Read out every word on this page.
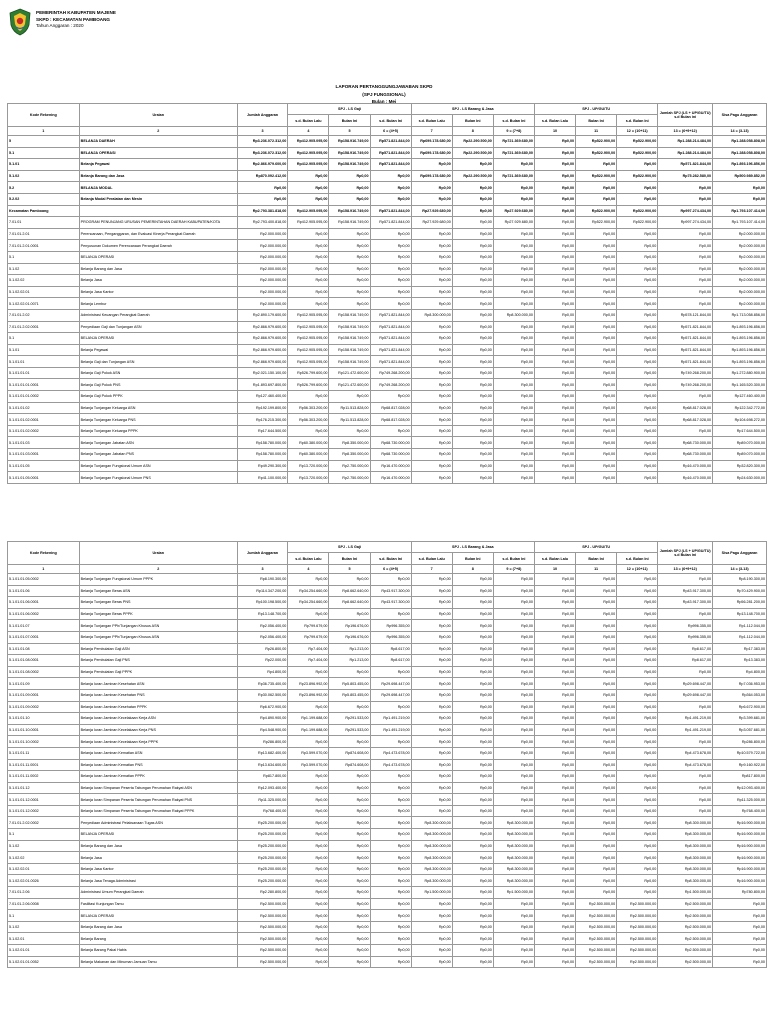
PEMERINTAH KABUPATEN MAJENE
SKPD : KECAMATAN PAMBOANG
Tahun Anggaran : 2020
LAPORAN PERTANGGUNGJAWABAN SKPD
(SPJ FUNGSIONAL)
Bulan : Mei
Kode Rekening	Uraian	Jumlah Anggaran	SPJ - LS Gaji			SPJ - LS Barang & Jasa			SPJ - UP/GU/TU			Jumlah SPJ (LS + UP/GU/TU) s.d Bulan ini	Sisa Pagu Anggaran
			s.d. Bulan Lalu	Bulan Ini	s.d. Bulan Ini	s.d. Bulan Lalu	Bulan Ini	s.d. Bulan Ini	s.d. Bulan Lalu	Bulan Ini	s.d. Bulan Ini		
1	2	3	4	5	6 = (4+5)	7	8	9 = (7+8)	10	11	12 = (10+11)	13 = (6+9+12)	14 = (3-13)
5	BELANJA DAERAH	Rp3.236.072.312,00	Rp412.905.095,00	Rp158.916.749,00	Rp571.821.844,00	Rp699.178.680,00	Rp22.290.500,00	Rp721.369.680,00	Rp0,00	Rp522.900,00	Rp522.900,00	Rp1.288.214.484,00	Rp1.288.058.808,00
5.1	BELANJA OPERASI	Rp3.236.072.312,00	Rp412.905.095,00	Rp158.916.749,00	Rp571.821.844,00	Rp699.178.680,00	Rp22.290.500,00	Rp721.369.680,00	Rp0,00	Rp522.900,00	Rp522.900,00	Rp1.288.214.484,00	Rp1.288.058.808,00
5.1.01	Belanja Pegawai	Rp2.866.979.600,00	Rp412.905.095,00	Rp158.916.749,00	Rp571.821.844,00	Rp0,00	Rp0,00	Rp0,00	Rp0,00	Rp0,00	Rp0,00	Rp571.821.844,00	Rp1.893.196.856,00
5.1.02	Belanja Barang dan Jasa	Rp870.092.412,00	Rp0,00	Rp0,00	Rp0,00	Rp699.178.680,00	Rp22.290.500,00	Rp721.369.680,00	Rp0,00	Rp522.900,00	Rp522.900,00	Rp75.282.580,00	Rp500.989.852,00
5.2	BELANJA MODAL	Rp0,00	Rp0,00	Rp0,00	Rp0,00	Rp0,00	Rp0,00	Rp0,00	Rp0,00	Rp0,00	Rp0,00	Rp0,00	Rp0,00
5.2.02	Belanja Modal Peralatan dan Mesin	Rp0,00	Rp0,00	Rp0,00	Rp0,00	Rp0,00	Rp0,00	Rp0,00	Rp0,00	Rp0,00	Rp0,00	Rp0,00	Rp0,00
Kecamatan Pamboang		Rp2.793.381.818,00	Rp412.905.095,00	Rp158.916.749,00	Rp571.821.844,00	Rp27.929.680,00	Rp0,00	Rp27.929.680,00	Rp0,00	Rp522.900,00	Rp522.900,00	Rp997.274.434,00	Rp1.793.107.414,00
7.01.01	PROGRAM PENUNJANG URUSAN PEMERINTAHAN DAERAH KABUPATEN/KOTA	Rp2.793.400.818,00	Rp412.905.095,00	Rp158.916.749,00	Rp571.821.844,00	Rp27.929.680,00	Rp0,00	Rp27.929.680,00	Rp0,00	Rp522.900,00	Rp522.900,00	Rp997.274.434,00	Rp1.793.107.414,00
7.01.01.2.01	Perencanaan, Penganggaran, dan Evaluasi Kinerja Perangkat Daerah	Rp2.000.000,00	Rp0,00	Rp0,00	Rp0,00	Rp0,00	Rp0,00	Rp0,00	Rp0,00	Rp0,00	Rp0,00	Rp0,00	Rp2.000.000,00
7.01.01.2.01.0001	Penyusunan Dokumen Perencanaan Perangkat Daerah	Rp2.000.000,00	Rp0,00	Rp0,00	Rp0,00	Rp0,00	Rp0,00	Rp0,00	Rp0,00	Rp0,00	Rp0,00	Rp0,00	Rp2.000.000,00
5.1	BELANJA OPERASI	Rp2.000.000,00	Rp0,00	Rp0,00	Rp0,00	Rp0,00	Rp0,00	Rp0,00	Rp0,00	Rp0,00	Rp0,00	Rp0,00	Rp2.000.000,00
5.1.02	Belanja Barang dan Jasa	Rp2.000.000,00	Rp0,00	Rp0,00	Rp0,00	Rp0,00	Rp0,00	Rp0,00	Rp0,00	Rp0,00	Rp0,00	Rp0,00	Rp2.000.000,00
5.1.02.02	Belanja Jasa	Rp2.000.000,00	Rp0,00	Rp0,00	Rp0,00	Rp0,00	Rp0,00	Rp0,00	Rp0,00	Rp0,00	Rp0,00	Rp0,00	Rp2.000.000,00
5.1.02.02.01	Belanja Jasa Kantor	Rp2.000.000,00	Rp0,00	Rp0,00	Rp0,00	Rp0,00	Rp0,00	Rp0,00	Rp0,00	Rp0,00	Rp0,00	Rp0,00	Rp2.000.000,00
5.1.02.02.01.0071	Belanja Lembur	Rp2.000.000,00	Rp0,00	Rp0,00	Rp0,00	Rp0,00	Rp0,00	Rp0,00	Rp0,00	Rp0,00	Rp0,00	Rp0,00	Rp2.000.000,00
7.01.01.2.02	Administrasi Keuangan Perangkat Daerah	Rp2.890.179.600,00	Rp412.905.095,00	Rp158.916.749,00	Rp571.821.844,00	Rp8.300.000,00	Rp0,00	Rp8.300.000,00	Rp0,00	Rp0,00	Rp0,00	Rp578.121.844,00	Rp1.713.058.856,00
7.01.01.2.02.0001	Penyediaan Gaji dan Tunjangan ASN	Rp2.866.979.600,00	Rp412.905.095,00	Rp158.916.749,00	Rp571.821.844,00	Rp0,00	Rp0,00	Rp0,00	Rp0,00	Rp0,00	Rp0,00	Rp571.821.844,00	Rp1.893.196.856,00
5.1	BELANJA OPERASI	Rp2.866.979.600,00	Rp412.905.095,00	Rp158.916.749,00	Rp571.821.844,00	Rp0,00	Rp0,00	Rp0,00	Rp0,00	Rp0,00	Rp0,00	Rp571.821.844,00	Rp1.893.196.856,00
5.1.01	Belanja Pegawai	Rp2.866.979.600,00	Rp412.905.095,00	Rp158.916.749,00	Rp571.821.844,00	Rp0,00	Rp0,00	Rp0,00	Rp0,00	Rp0,00	Rp0,00	Rp571.821.844,00	Rp1.893.196.856,00
5.1.01.01	Belanja Gaji dan Tunjangan ASN	Rp2.866.979.600,00	Rp412.905.095,00	Rp158.916.749,00	Rp571.821.844,00	Rp0,00	Rp0,00	Rp0,00	Rp0,00	Rp0,00	Rp0,00	Rp571.821.844,00	Rp1.893.196.856,00
5.1.01.01.01	Belanja Gaji Pokok ASN	Rp2.021.150.100,00	Rp526.799.600,00	Rp121.472.600,00	Rp749.268.200,00	Rp0,00	Rp0,00	Rp0,00	Rp0,00	Rp0,00	Rp0,00	Rp749.268.200,00	Rp1.272.880.900,00
5.1.01.01.01.0001	Belanja Gaji Pokok PNS	Rp1.893.697.800,00	Rp526.799.600,00	Rp121.472.600,00	Rp749.268.200,00	Rp0,00	Rp0,00	Rp0,00	Rp0,00	Rp0,00	Rp0,00	Rp749.268.200,00	Rp1.165.520.300,00
5.1.01.01.01.0002	Belanja Gaji Pokok PPPK	Rp127.460.400,00	Rp0,00	Rp0,00	Rp0,00	Rp0,00	Rp0,00	Rp0,00	Rp0,00	Rp0,00	Rp0,00	Rp0,00	Rp127.460.400,00
5.1.01.01.02	Belanja Tunjangan Keluarga ASN	Rp192.199.800,00	Rp56.303.200,00	Rp11.513.828,00	Rp68.817.028,00	Rp0,00	Rp0,00	Rp0,00	Rp0,00	Rp0,00	Rp0,00	Rp68.817.028,00	Rp122.342.772,00
5.1.01.01.02.0001	Belanja Tunjangan Keluarga PNS	Rp176.215.300,00	Rp56.303.200,00	Rp11.513.828,00	Rp68.817.028,00	Rp0,00	Rp0,00	Rp0,00	Rp0,00	Rp0,00	Rp0,00	Rp68.817.028,00	Rp104.698.272,00
5.1.01.01.02.0002	Belanja Tunjangan Keluarga PPPK	Rp17.644.500,00	Rp0,00	Rp0,00	Rp0,00	Rp0,00	Rp0,00	Rp0,00	Rp0,00	Rp0,00	Rp0,00	Rp0,00	Rp17.644.500,00
5.1.01.01.03	Belanja Tunjangan Jabatan ASN	Rp158.780.000,00	Rp60.380.000,00	Rp8.350.000,00	Rp68.730.000,00	Rp0,00	Rp0,00	Rp0,00	Rp0,00	Rp0,00	Rp0,00	Rp68.730.000,00	Rp89.070.000,00
5.1.01.01.03.0001	Belanja Tunjangan Jabatan PNS	Rp158.780.000,00	Rp60.380.000,00	Rp8.350.000,00	Rp68.730.000,00	Rp0,00	Rp0,00	Rp0,00	Rp0,00	Rp0,00	Rp0,00	Rp68.730.000,00	Rp89.070.000,00
5.1.01.01.05	Belanja Tunjangan Fungsional Umum ASN	Rp49.290.300,00	Rp13.720.000,00	Rp2.750.000,00	Rp16.470.000,00	Rp0,00	Rp0,00	Rp0,00	Rp0,00	Rp0,00	Rp0,00	Rp16.470.000,00	Rp32.820.300,00
5.1.01.01.05.0001	Belanja Tunjangan Fungsional Umum PNS	Rp41.100.000,00	Rp13.720.000,00	Rp2.750.000,00	Rp16.470.000,00	Rp0,00	Rp0,00	Rp0,00	Rp0,00	Rp0,00	Rp0,00	Rp16.470.000,00	Rp24.630.000,00
Kode Rekening	Uraian	Jumlah Anggaran	SPJ - LS Gaji			SPJ - LS Barang & Jasa			SPJ - UP/GU/TU			Jumlah SPJ (LS + UP/GU/TU) s.d Bulan ini	Sisa Pagu Anggaran
			s.d. Bulan Lalu	Bulan Ini	s.d. Bulan Ini	s.d. Bulan Lalu	Bulan Ini	s.d. Bulan Ini	s.d. Bulan Lalu	Bulan Ini	s.d. Bulan Ini		
1	2	3	4	5	6 = (4+5)	7	8	9 = (7+8)	10	11	12 = (10+11)	13 = (6+9+12)	14 = (3-13)
5.1.01.01.05.0002	Belanja Tunjangan Fungsional Umum PPPK	Rp8.190.300,00	Rp0,00	Rp0,00	Rp0,00	Rp0,00	Rp0,00	Rp0,00	Rp0,00	Rp0,00	Rp0,00	Rp0,00	Rp8.190.300,00
5.1.01.01.06	Belanja Tunjangan Beras ASN	Rp114.347.200,00	Rp34.254.660,00	Rp8.662.640,00	Rp43.917.300,00	Rp0,00	Rp0,00	Rp0,00	Rp0,00	Rp0,00	Rp0,00	Rp43.917.300,00	Rp70.429.900,00
5.1.01.01.06.0001	Belanja Tunjangan Beras PNS	Rp100.198.500,00	Rp34.254.660,00	Rp8.662.640,00	Rp43.917.300,00	Rp0,00	Rp0,00	Rp0,00	Rp0,00	Rp0,00	Rp0,00	Rp43.917.300,00	Rp56.281.200,00
5.1.01.01.06.0002	Belanja Tunjangan Beras PPPK	Rp13.148.700,00	Rp0,00	Rp0,00	Rp0,00	Rp0,00	Rp0,00	Rp0,00	Rp0,00	Rp0,00	Rp0,00	Rp0,00	Rp13.148.700,00
5.1.01.01.07	Belanja Tunjangan PPh/Tunjangan Khusus ASN	Rp2.056.400,00	Rp799.679,00	Rp196.676,00	Rp996.355,00	Rp0,00	Rp0,00	Rp0,00	Rp0,00	Rp0,00	Rp0,00	Rp996.355,00	Rp1.112.044,00
5.1.01.01.07.0001	Belanja Tunjangan PPh/Tunjangan Khusus ASN	Rp2.056.400,00	Rp799.679,00	Rp196.676,00	Rp996.355,00	Rp0,00	Rp0,00	Rp0,00	Rp0,00	Rp0,00	Rp0,00	Rp996.355,00	Rp1.112.044,00
5.1.01.01.08	Belanja Pembulatan Gaji ASN	Rp26.800,00	Rp7.404,00	Rp1.213,00	Rp8.617,00	Rp0,00	Rp0,00	Rp0,00	Rp0,00	Rp0,00	Rp0,00	Rp8.617,00	Rp17.383,00
5.1.01.01.08.0001	Belanja Pembulatan Gaji PNS	Rp22.000,00	Rp7.404,00	Rp1.213,00	Rp8.617,00	Rp0,00	Rp0,00	Rp0,00	Rp0,00	Rp0,00	Rp0,00	Rp8.617,00	Rp13.383,00
5.1.01.01.08.0002	Belanja Pembulatan Gaji PPPK	Rp4.800,00	Rp0,00	Rp0,00	Rp0,00	Rp0,00	Rp0,00	Rp0,00	Rp0,00	Rp0,00	Rp0,00	Rp0,00	Rp4.800,00
5.1.01.01.09	Belanja Iuran Jaminan Kesehatan ASN	Rp36.735.400,00	Rp23.896.992,00	Rp5.803.455,00	Rp29.698.447,00	Rp0,00	Rp0,00	Rp0,00	Rp0,00	Rp0,00	Rp0,00	Rp29.698.447,00	Rp7.036.953,00
5.1.01.01.09.0001	Belanja Iuran Jaminan Kesehatan PNS	Rp30.062.500,00	Rp23.896.992,00	Rp5.803.455,00	Rp29.698.447,00	Rp0,00	Rp0,00	Rp0,00	Rp0,00	Rp0,00	Rp0,00	Rp29.698.447,00	Rp364.053,00
5.1.01.01.09.0002	Belanja Iuran Jaminan Kesehatan PPPK	Rp6.672.900,00	Rp0,00	Rp0,00	Rp0,00	Rp0,00	Rp0,00	Rp0,00	Rp0,00	Rp0,00	Rp0,00	Rp0,00	Rp6.672.900,00
5.1.01.01.10	Belanja Iuran Jaminan Kecelakaan Kerja ASN	Rp4.890.900,00	Rp1.199.688,00	Rp291.533,00	Rp1.491.219,00	Rp0,00	Rp0,00	Rp0,00	Rp0,00	Rp0,00	Rp0,00	Rp1.491.219,00	Rp3.399.681,00
5.1.01.01.10.0001	Belanja Iuran Jaminan Kecelakaan Kerja PNS	Rp4.548.900,00	Rp1.199.688,00	Rp291.533,00	Rp1.491.219,00	Rp0,00	Rp0,00	Rp0,00	Rp0,00	Rp0,00	Rp0,00	Rp1.491.219,00	Rp3.057.681,00
5.1.01.01.10.0002	Belanja Iuran Jaminan Kecelakaan Kerja PPPK	Rp286.800,00	Rp0,00	Rp0,00	Rp0,00	Rp0,00	Rp0,00	Rp0,00	Rp0,00	Rp0,00	Rp0,00	Rp0,00	Rp286.800,00
5.1.01.01.11	Belanja Iuran Jaminan Kematian ASN	Rp13.682.400,00	Rp3.599.070,00	Rp874.608,00	Rp4.473.678,00	Rp0,00	Rp0,00	Rp0,00	Rp0,00	Rp0,00	Rp0,00	Rp4.473.678,00	Rp10.579.722,00
5.1.01.01.11.0001	Belanja Iuran Jaminan Kematian PNS	Rp13.634.600,00	Rp3.599.070,00	Rp874.608,00	Rp4.473.678,00	Rp0,00	Rp0,00	Rp0,00	Rp0,00	Rp0,00	Rp0,00	Rp4.473.678,00	Rp9.160.922,00
5.1.01.01.11.0002	Belanja Iuran Jaminan Kematian PPPK	Rp817.800,00	Rp0,00	Rp0,00	Rp0,00	Rp0,00	Rp0,00	Rp0,00	Rp0,00	Rp0,00	Rp0,00	Rp0,00	Rp817.800,00
5.1.01.01.12	Belanja Iuran Simpanan Peserta Tabungan Perumahan Rakyat ASN	Rp12.093.400,00	Rp0,00	Rp0,00	Rp0,00	Rp0,00	Rp0,00	Rp0,00	Rp0,00	Rp0,00	Rp0,00	Rp0,00	Rp12.093.400,00
5.1.01.01.12.0001	Belanja Iuran Simpanan Peserta Tabungan Perumahan Rakyat PNS	Rp11.325.000,00	Rp0,00	Rp0,00	Rp0,00	Rp0,00	Rp0,00	Rp0,00	Rp0,00	Rp0,00	Rp0,00	Rp0,00	Rp11.325.000,00
5.1.01.01.12.0002	Belanja Iuran Simpanan Peserta Tabungan Perumahan Rakyat PPPK	Rp768.400,00	Rp0,00	Rp0,00	Rp0,00	Rp0,00	Rp0,00	Rp0,00	Rp0,00	Rp0,00	Rp0,00	Rp0,00	Rp768.400,00
7.01.01.2.02.0002	Penyediaan Administrasi Pelaksanaan Tugas ASN	Rp25.200.000,00	Rp0,00	Rp0,00	Rp0,00	Rp8.300.000,00	Rp0,00	Rp8.300.000,00	Rp0,00	Rp0,00	Rp0,00	Rp8.300.000,00	Rp16.900.000,00
5.1	BELANJA OPERASI	Rp25.200.000,00	Rp0,00	Rp0,00	Rp0,00	Rp8.300.000,00	Rp0,00	Rp8.300.000,00	Rp0,00	Rp0,00	Rp0,00	Rp8.300.000,00	Rp16.900.000,00
5.1.02	Belanja Barang dan Jasa	Rp25.200.000,00	Rp0,00	Rp0,00	Rp0,00	Rp8.300.000,00	Rp0,00	Rp8.300.000,00	Rp0,00	Rp0,00	Rp0,00	Rp8.300.000,00	Rp16.900.000,00
5.1.02.02	Belanja Jasa	Rp25.200.000,00	Rp0,00	Rp0,00	Rp0,00	Rp8.300.000,00	Rp0,00	Rp8.300.000,00	Rp0,00	Rp0,00	Rp0,00	Rp8.300.000,00	Rp16.900.000,00
5.1.02.02.01	Belanja Jasa Kantor	Rp25.200.000,00	Rp0,00	Rp0,00	Rp0,00	Rp8.300.000,00	Rp0,00	Rp8.300.000,00	Rp0,00	Rp0,00	Rp0,00	Rp8.300.000,00	Rp16.900.000,00
5.1.02.02.01.0026	Belanja Jasa Tenaga Administrasi	Rp25.200.000,00	Rp0,00	Rp0,00	Rp0,00	Rp8.300.000,00	Rp0,00	Rp8.300.000,00	Rp0,00	Rp0,00	Rp0,00	Rp8.300.000,00	Rp16.900.000,00
7.01.01.2.06	Administrasi Umum Perangkat Daerah	Rp2.280.800,00	Rp0,00	Rp0,00	Rp0,00	Rp1.500.000,00	Rp0,00	Rp1.500.000,00	Rp0,00	Rp0,00	Rp0,00	Rp1.500.000,00	Rp780.800,00
7.01.01.2.06.0008	Fasilitasi Kunjungan Tamu	Rp2.500.000,00	Rp0,00	Rp0,00	Rp0,00	Rp0,00	Rp0,00	Rp0,00	Rp0,00	Rp2.500.000,00	Rp2.500.000,00	Rp2.500.000,00	Rp0,00
5.1	BELANJA OPERASI	Rp2.500.000,00	Rp0,00	Rp0,00	Rp0,00	Rp0,00	Rp0,00	Rp0,00	Rp0,00	Rp2.500.000,00	Rp2.500.000,00	Rp2.500.000,00	Rp0,00
5.1.02	Belanja Barang dan Jasa	Rp2.500.000,00	Rp0,00	Rp0,00	Rp0,00	Rp0,00	Rp0,00	Rp0,00	Rp0,00	Rp2.500.000,00	Rp2.500.000,00	Rp2.500.000,00	Rp0,00
5.1.02.01	Belanja Barang	Rp2.500.000,00	Rp0,00	Rp0,00	Rp0,00	Rp0,00	Rp0,00	Rp0,00	Rp0,00	Rp2.500.000,00	Rp2.500.000,00	Rp2.500.000,00	Rp0,00
5.1.02.01.01	Belanja Barang Pakai Habis	Rp2.500.000,00	Rp0,00	Rp0,00	Rp0,00	Rp0,00	Rp0,00	Rp0,00	Rp0,00	Rp2.500.000,00	Rp2.500.000,00	Rp2.500.000,00	Rp0,00
5.1.02.01.01.0052	Belanja Makanan dan Minuman Jamuan Tamu	Rp2.500.000,00	Rp0,00	Rp0,00	Rp0,00	Rp0,00	Rp0,00	Rp0,00	Rp0,00	Rp2.500.000,00	Rp2.500.000,00	Rp2.500.000,00	Rp0,00
